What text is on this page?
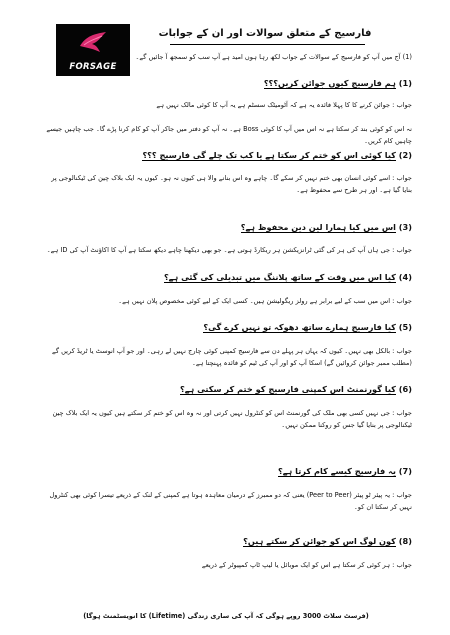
FORSAGE
فارسیج کے متعلق سوالات اور ان کے جوابات
(1) آج میں آپ کو فارسیج کے سوالات کے جواب لکھ رہا ہوں امید ہے آپ سب کو سمجھ آ جائیں گے۔
(1) ہم فارسیج کیوں جوائن کریں؟؟؟
جواب : جوائن کرنے کا کا پہلا فائدہ یہ ہے کہ آٹومیٹک سسٹم ہے یہ آپ کا کوئی مالک نہیں ہے
نہ اس کو کوئی بند کر سکتا ہے نہ اس میں آپ کا کوئی Boss ہے۔ نہ آپ کو دفتر میں جاکر آپ کو کام کرنا پڑے گا۔ جب چاہیں جیسے چاہیں کام کریں۔
(2) کیا کوئی اس کو ختم کر سکتا ہے یا کب تک چلے گی فارسیج ؟؟؟
جواب : اسے کوئی انسان بھی ختم نہیں کر سکے گا۔ چاہے وہ اس بنانے والا ہی کیوں نہ ہو۔ کیوں یہ ایک بلاک چین کی ٹیکنالوجی پر بنایا گیا ہے۔ اور ہر طرح سے محفوظ ہے۔
(3) اس میں کیا ہمارا لین دین محفوظ ہے؟
جواب : جی ہاں آپ کی ہر کی گئی ٹرانزیکشن ہر ریکارڈ ہوتی ہے۔ جو بھی دیکھنا چاہے دیکھ سکتا ہے آپ کا اکاؤنٹ آپ کی ID ہے۔
(4) کیا اس میں وقت کے ساتھ پلاننگ میں تبدیلی کی گئی ہے؟
جواب : اس میں سب کے لیے برابر ہے رولز ریگولیشن ہیں۔ کسی ایک کے لیے کوئی مخصوص پلان نہیں ہے۔
(5) کیا فارسیج ہمارے ساتھ دھوکہ تو نہیں کرے گی؟
جواب : بالکل بھی نہیں۔ کیوں کہ یہاں ہر پہلے دن سے فارسیج کمپنی کوئی چارج نہیں لے رہی۔ اور جو آپ انوسٹ یا ٹریڈ کریں گے (مطلب ممبر جوائن کروائیں گے) اسکا آپ کو اور آپ کی ٹیم کو فائدہ پہنچتا ہے۔
(6) کیا گورنمنٹ اس کمپنی فارسیج کو ختم کر سکتی ہے؟
جواب : جی نہیں کسی بھی ملک کی گورنمنٹ اس کو کنٹرول نہیں کرتی اور نہ وہ اس کو ختم کر سکتے ہیں کیوں یہ ایک بلاک چین ٹیکنالوجی پر بنایا گیا جس کو روکنا ممکن نہیں۔
(7) یہ فارسیج کیسے کام کرتا ہے؟
جواب : یہ پیئر ٹو پیئر (Peer to Peer) یعنی کہ دو ممبرز کے درمیان معاہدہ ہوتا ہے کمپنی کے لنک کے ذریعے تیسرا کوئی بھی کنٹرول نہیں کر سکتا ان کو۔
(8) کون لوگ اس کو جوائن کر سکتے ہیں؟
جواب : ہر کوئی کر سکتا ہے اس کو ایک موبائل یا لیپ ٹاپ کمپیوٹر کے ذریعے
(فرسٹ سلاٹ 3000 روپے ہوگی کہ آپ کی ساری زندگی (Lifetime) کا انویسٹمنٹ ہوگا)
